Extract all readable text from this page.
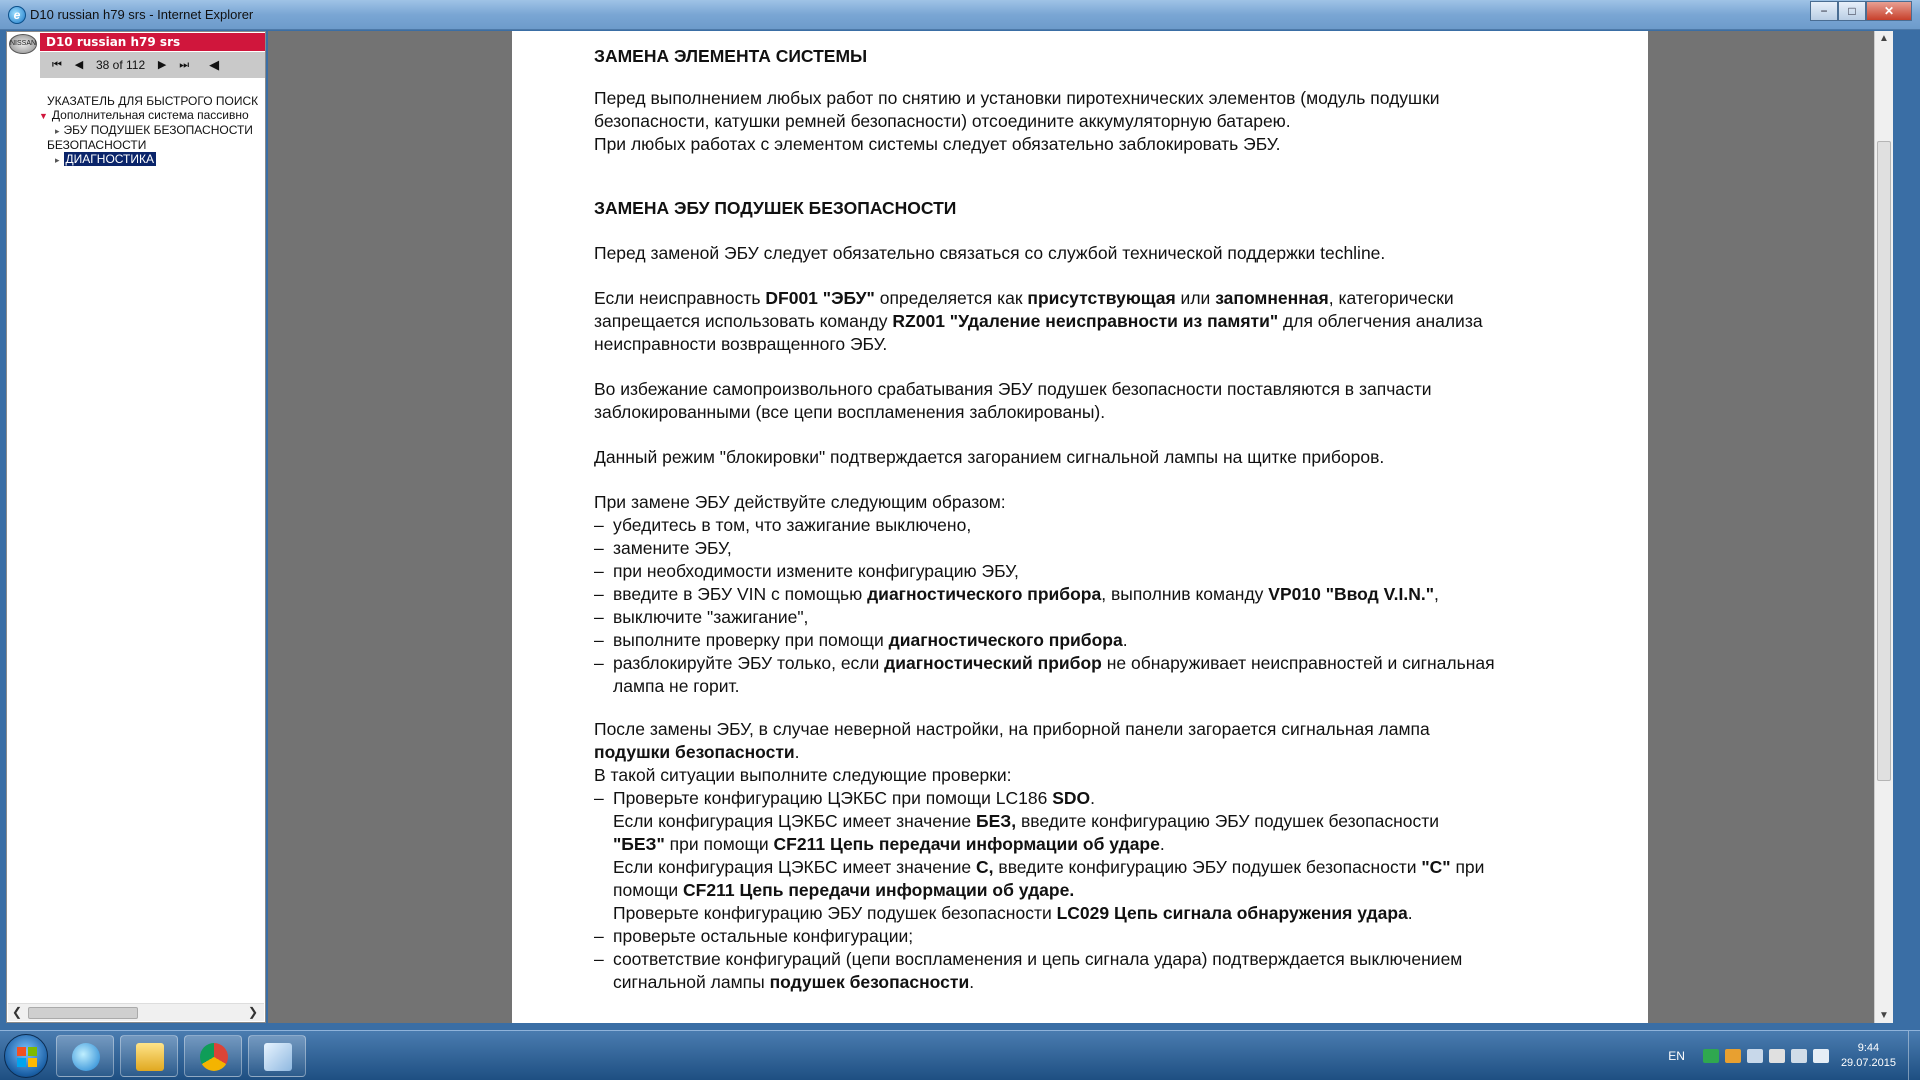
e D10 russian h79 srs - Internet Explorer	−	□	✕
NISSAN D10 russian h79 srs
⏮	◀	38 of 112	▶	⏭	◀
УКАЗАТЕЛЬ ДЛЯ БЫСТРОГО ПОИСК
▼ Дополнительная система пассивно
▸ ЭБУ ПОДУШЕК БЕЗОПАСНОСТИ
БЕЗОПАСНОСТИ
▸ ДИАГНОСТИКА
❮	❯
ЗАМЕНА ЭЛЕМЕНТА СИСТЕМЫ

Перед выполнением любых работ по снятию и установки пиротехнических элементов (модуль подушки

безопасности, катушки ремней безопасности) отсоедините аккумуляторную батарею.

При любых работах с элементом системы следует обязательно заблокировать ЭБУ.

ЗАМЕНА ЭБУ ПОДУШЕК БЕЗОПАСНОСТИ

Перед заменой ЭБУ следует обязательно связаться со службой технической поддержки techline.

Если неисправность DF001 "ЭБУ" определяется как присутствующая или запомненная, категорически

запрещается использовать команду RZ001 "Удаление неисправности из памяти" для облегчения анализа

неисправности возвращенного ЭБУ.

Во избежание самопроизвольного срабатывания ЭБУ подушек безопасности поставляются в запчасти

заблокированными (все цепи воспламенения заблокированы).

Данный режим "блокировки" подтверждается загоранием сигнальной лампы на щитке приборов.

При замене ЭБУ действуйте следующим образом:

– убедитесь в том, что зажигание выключено,
– замените ЭБУ,
– при необходимости измените конфигурацию ЭБУ,
– введите в ЭБУ VIN с помощью диагностического прибора, выполнив команду VP010 "Ввод V.I.N.",
– выключите "зажигание",
– выполните проверку при помощи диагностического прибора.
– разблокируйте ЭБУ только, если диагностический прибор не обнаруживает неисправностей и сигнальная
лампа не горит.

После замены ЭБУ, в случае неверной настройки, на приборной панели загорается сигнальная лампа

подушки безопасности.

В такой ситуации выполните следующие проверки:

– Проверьте конфигурацию ЦЭКБС при помощи LC186 SDO.
Если конфигурация ЦЭКБС имеет значение БЕЗ, введите конфигурацию ЭБУ подушек безопасности
"БЕЗ" при помощи CF211 Цепь передачи информации об ударе.
Если конфигурация ЦЭКБС имеет значение С, введите конфигурацию ЭБУ подушек безопасности "С" при
помощи CF211 Цепь передачи информации об ударе.
Проверьте конфигурацию ЭБУ подушек безопасности LC029 Цепь сигнала обнаружения удара.
– проверьте остальные конфигурации;
– соответствие конфигураций (цепи воспламенения и цепь сигнала удара) подтверждается выключением
сигнальной лампы подушек безопасности.
▲
▼
EN
9:44
29.07.2015
